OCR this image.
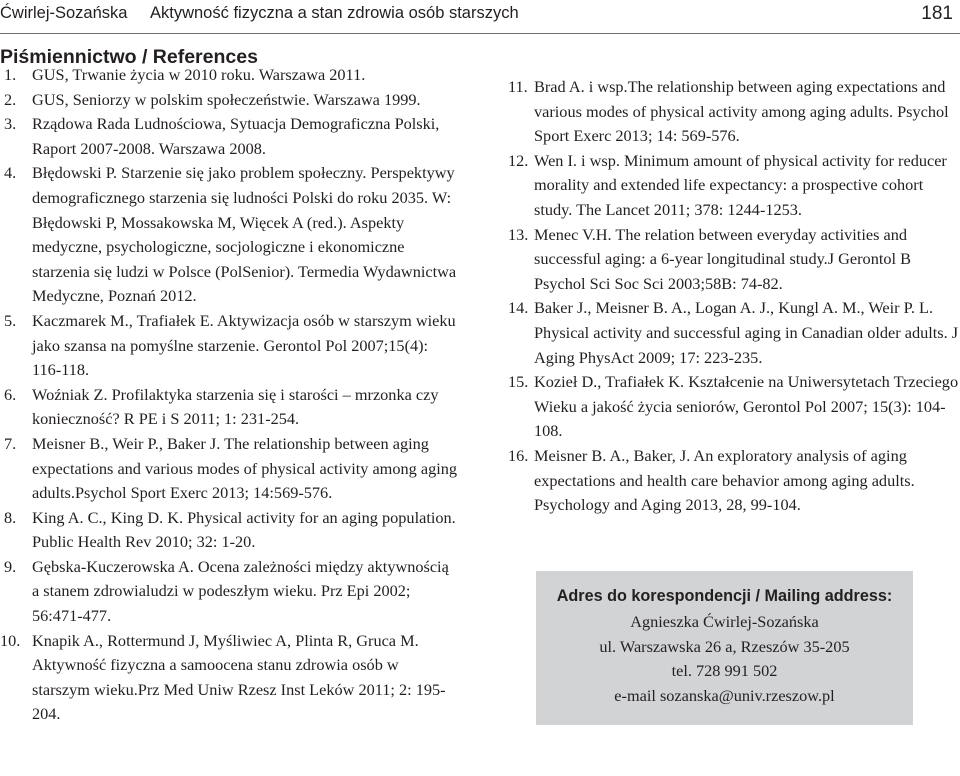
Ćwirlej-Sozańska Aktywność fizyczna a stan zdrowia osób starszych	181
Piśmiennictwo / References
1. GUS, Trwanie życia w 2010 roku. Warszawa 2011.
2. GUS, Seniorzy w polskim społeczeństwie. Warszawa 1999.
3. Rządowa Rada Ludnościowa, Sytuacja Demograficzna Polski, Raport 2007-2008. Warszawa 2008.
4. Błędowski P. Starzenie się jako problem społeczny. Perspektywy demograficznego starzenia się ludności Polski do roku 2035. W: Błędowski P, Mossakowska M, Więcek A (red.). Aspekty medyczne, psychologiczne, socjologiczne i ekonomiczne starzenia się ludzi w Polsce (PolSenior). Termedia Wydawnictwa Medyczne, Poznań 2012.
5. Kaczmarek M., Trafiałek E. Aktywizacja osób w starszym wieku jako szansa na pomyślne starzenie. Gerontol Pol 2007;15(4): 116-118.
6. Woźniak Z. Profilaktyka starzenia się i starości – mrzonka czy konieczność? R PE i S 2011; 1: 231-254.
7. Meisner B., Weir P., Baker J. The relationship between aging expectations and various modes of physical activity among aging adults.Psychol Sport Exerc 2013; 14:569-576.
8. King A. C., King D. K. Physical activity for an aging population. Public Health Rev 2010; 32: 1-20.
9. Gębska-Kuczerowska A. Ocena zależności między aktywnością a stanem zdrowialudzi w podeszłym wieku. Prz Epi 2002; 56:471-477.
10. Knapik A., Rottermund J, Myśliwiec A, Plinta R, Gruca M. Aktywność fizyczna a samoocena stanu zdrowia osób w starszym wieku.Prz Med Uniw Rzesz Inst Leków 2011; 2: 195-204.
11. Brad A. i wsp.The relationship between aging expectations and various modes of physical activity among aging adults. Psychol Sport Exerc 2013; 14: 569-576.
12. Wen I. i wsp. Minimum amount of physical activity for reducer morality and extended life expectancy: a prospective cohort study. The Lancet 2011; 378: 1244-1253.
13. Menec V.H. The relation between everyday activities and successful aging: a 6-year longitudinal study.J Gerontol B Psychol Sci Soc Sci 2003;58B: 74-82.
14. Baker J., Meisner B. A., Logan A. J., Kungl A. M., Weir P. L. Physical activity and successful aging in Canadian older adults. J Aging PhysAct 2009; 17: 223-235.
15. Kozieł D., Trafiałek K. Kształcenie na Uniwersytetach Trzeciego Wieku a jakość życia seniorów, Gerontol Pol 2007; 15(3): 104-108.
16. Meisner B. A., Baker, J. An exploratory analysis of aging expectations and health care behavior among aging adults. Psychology and Aging 2013, 28, 99-104.
Adres do korespondencji / Mailing address:
Agnieszka Ćwirlej-Sozańska
ul. Warszawska 26 a, Rzeszów 35-205
tel. 728 991 502
e-mail sozanska@univ.rzeszow.pl
